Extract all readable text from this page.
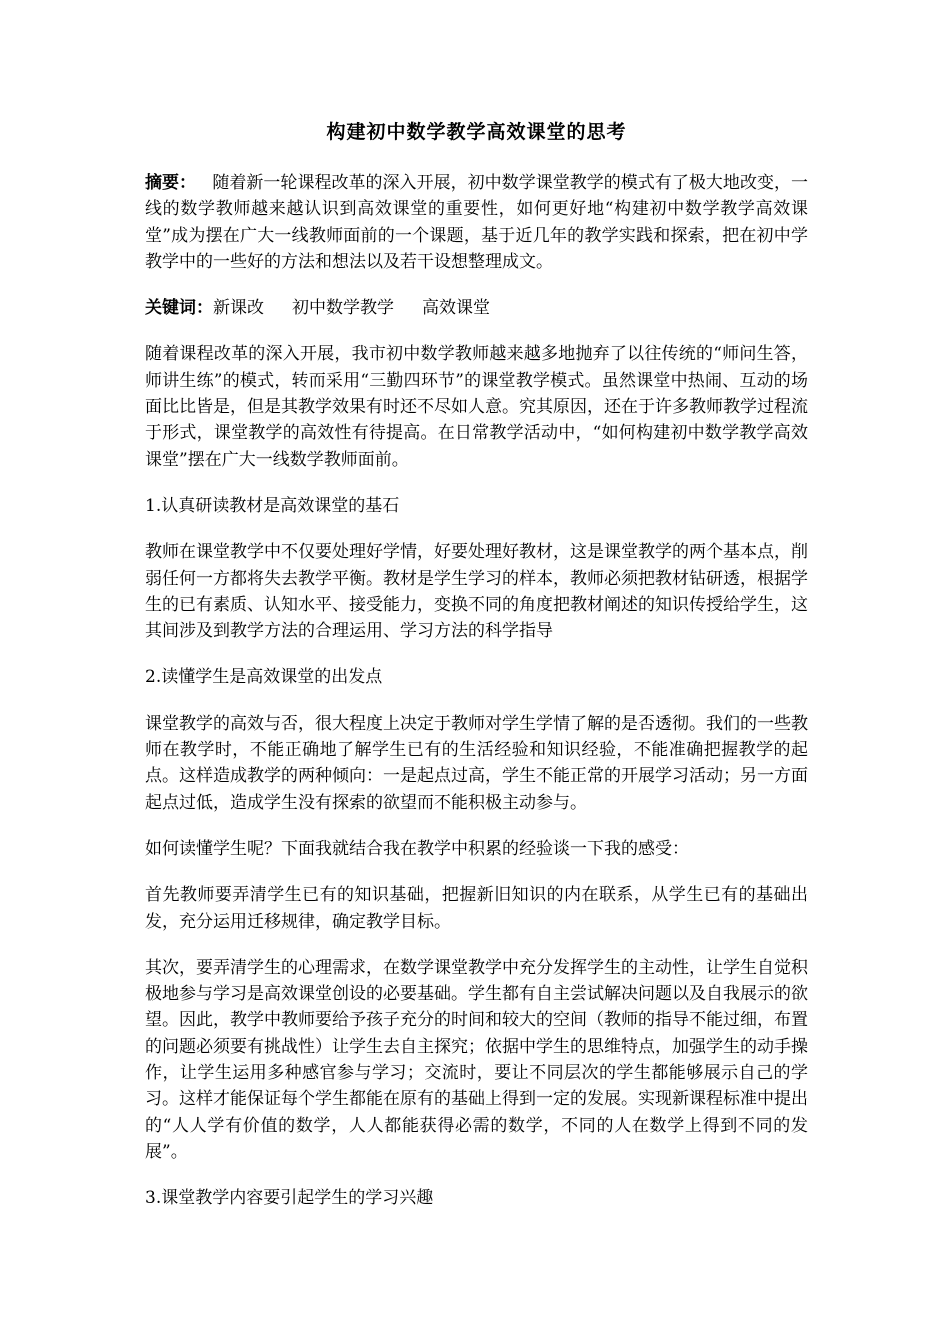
构建初中数学教学高效课堂的思考

摘要： 随着新一轮课程改革的深入开展，初中数学课堂教学的模式有了极大地改变，一线的数学教师越来越认识到高效课堂的重要性，如何更好地“构建初中数学教学高效课堂”成为摆在广大一线教师面前的一个课题，基于近几年的教学实践和探索，把在初中学教学中的一些好的方法和想法以及若干设想整理成文。

关键词：新课改 初中数学教学 高效课堂

随着课程改革的深入开展，我市初中数学教师越来越多地抛弃了以往传统的“师问生答，师讲生练”的模式，转而采用“三勤四环节”的课堂教学模式。虽然课堂中热闹、互动的场面比比皆是，但是其教学效果有时还不尽如人意。究其原因，还在于许多教师教学过程流于形式，课堂教学的高效性有待提高。在日常教学活动中，“如何构建初中数学教学高效课堂”摆在广大一线数学教师面前。

1.认真研读教材是高效课堂的基石

教师在课堂教学中不仅要处理好学情，好要处理好教材，这是课堂教学的两个基本点，削弱任何一方都将失去教学平衡。教材是学生学习的样本，教师必须把教材钻研透，根据学生的已有素质、认知水平、接受能力，变换不同的角度把教材阐述的知识传授给学生，这其间涉及到教学方法的合理运用、学习方法的科学指导

2.读懂学生是高效课堂的出发点

课堂教学的高效与否，很大程度上决定于教师对学生学情了解的是否透彻。我们的一些教师在教学时，不能正确地了解学生已有的生活经验和知识经验，不能准确把握教学的起点。这样造成教学的两种倾向：一是起点过高，学生不能正常的开展学习活动；另一方面起点过低，造成学生没有探索的欲望而不能积极主动参与。

如何读懂学生呢？下面我就结合我在教学中积累的经验谈一下我的感受：

首先教师要弄清学生已有的知识基础，把握新旧知识的内在联系，从学生已有的基础出发，充分运用迁移规律，确定教学目标。

其次，要弄清学生的心理需求，在数学课堂教学中充分发挥学生的主动性，让学生自觉积极地参与学习是高效课堂创设的必要基础。学生都有自主尝试解决问题以及自我展示的欲望。因此，教学中教师要给予孩子充分的时间和较大的空间（教师的指导不能过细，布置的问题必须要有挑战性）让学生去自主探究；依据中学生的思维特点，加强学生的动手操作，让学生运用多种感官参与学习；交流时，要让不同层次的学生都能够展示自己的学习。这样才能保证每个学生都能在原有的基础上得到一定的发展。实现新课程标准中提出的“人人学有价值的数学，人人都能获得必需的数学，不同的人在数学上得到不同的发展”。

3.课堂教学内容要引起学生的学习兴趣
